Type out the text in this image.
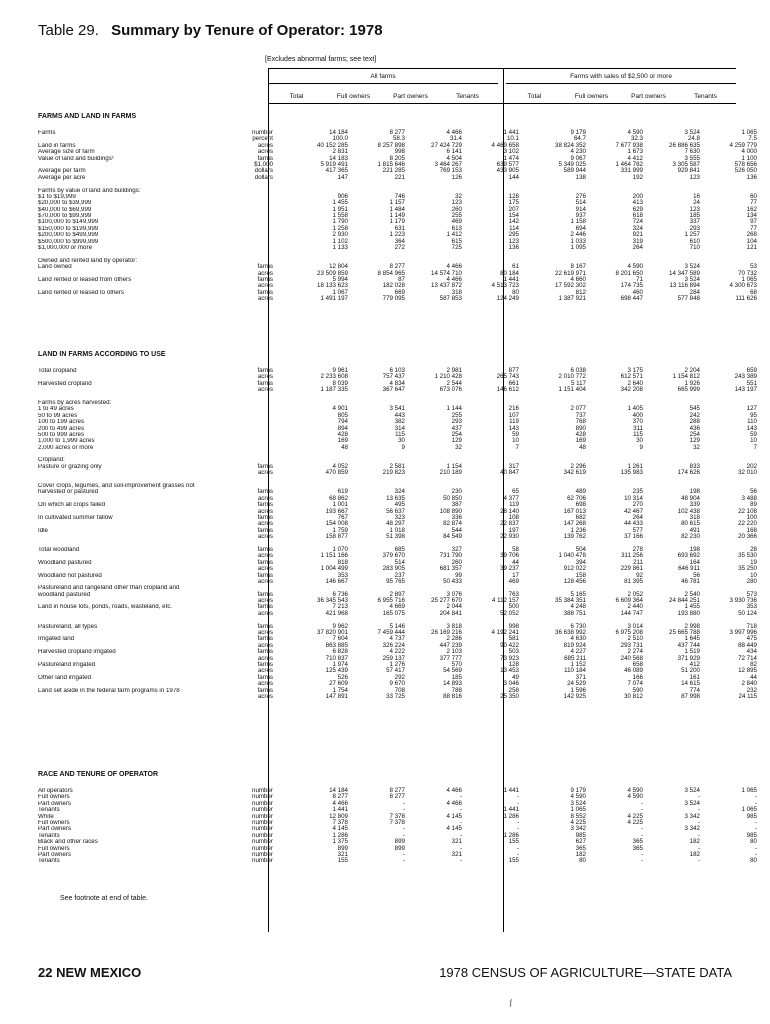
Table 29. Summary by Tenure of Operator: 1978
[Excludes abnormal farms; see text]
All farms	Farms with sales of $2,500 or more
Total	Full owners	Part owners	Tenants	Total	Full owners	Part owners	Tenants
FARMS AND LAND IN FARMS
Farms	number	14 184	8 277	4 466	1 441	9 179	4 590	3 524	1 065
percent	100.0	58.3	31.4	10.1	64.7	32.3	24.8	7.5
Land in farms	acres	40 152 285	8 257 898	27 424 729	4 469 658	38 824 352	7 677 938	26 886 635	4 259 779
Average size of farm	acres	2 831	998	6 141	3 102	4 230	1 673	7 630	4 000
Value of land and buildings¹	farms	14 183	8 205	4 504	1 474	9 067	4 412	3 555	1 100
$1,000	5 919 491	1 815 646	3 464 267	639 577	5 349 025	1 464 782	3 305 587	578 656
Average per farm	dollars	417 365	221 285	769 153	433 905	589 944	331 999	929 841	526 050
Average per acre	dollars	147	221	126	144	138	192	123	136
Farms by value of land and buildings:
$1 to $19,999	906	746	32	128	276	200	16	60
$20,000 to $39,999	1 455	1 157	123	175	514	413	24	77
$40,000 to $69,999	1 951	1 484	260	207	914	629	123	162
$70,000 to $99,999	1 558	1 149	255	154	937	618	185	134
$100,000 to $149,999	1 790	1 179	469	142	1 158	724	337	97
$150,000 to $199,999	1 258	631	613	114	694	324	293	77
$200,000 to $499,999	2 930	1 223	1 412	295	2 446	921	1 257	268
$500,000 to $999,999	1 102	364	615	123	1 033	319	610	104
$1,000,000 or more	1 133	272	725	136	1 095	264	710	121
Owned and rented land by operator:
Land owned	farms	12 804	8 277	4 466	61	8 167	4 590	3 524	53
acres	23 509 859	8 854 965	14 574 710	80 184	22 619 971	8 201 650	14 347 589	70 732
Land rented or leased from others	farms	5 994	87	4 466	1 441	4 660	71	3 524	1 065
acres	18 133 623	182 028	13 437 872	4 513 723	17 592 302	174 735	13 116 894	4 300 673
Land rented or leased to others	farms	1 067	669	318	80	812	460	284	68
acres	1 491 197	779 095	587 853	124 249	1 387 921	698 447	577 848	111 626
LAND IN FARMS ACCORDING TO USE
Total cropland	farms	9 961	6 103	2 981	877	6 038	3 175	2 204	659
acres	2 233 608	757 437	1 210 428	265 743	2 010 772	612 571	1 154 812	243 389
Harvested cropland	farms	8 039	4 834	2 544	661	5 117	2 640	1 926	551
acres	1 187 335	367 647	673 076	146 612	1 151 404	342 208	665 999	143 197
Farms by acres harvested:
1 to 49 acres	4 901	3 541	1 144	216	2 077	1 405	545	127
50 to 99 acres	805	443	255	107	737	400	242	95
100 to 199 acres	794	382	293	119	768	370	288	110
200 to 499 acres	894	314	437	143	890	311	436	143
500 to 999 acres	428	115	254	59	428	115	254	59
1,000 to 1,999 acres	169	30	129	10	169	30	129	10
2,000 acres or more	48	9	32	7	48	9	32	7
Cropland:
Pasture or grazing only	farms	4 052	2 581	1 154	317	2 296	1 261	833	202
acres	470 859	219 823	210 189	40 847	342 619	135 983	174 626	32 010
Cover crops, legumes, and soil-improvement grasses not
harvested or pastured	farms	619	324	230	65	489	235	198	56
acres	68 862	13 635	50 850	4 377	62 706	10 314	48 904	3 488
On which all crops failed	farms	1 001	495	387	119	698	270	339	89
acres	193 667	56 637	108 890	28 140	167 013	42 467	102 438	22 108
In cultivated summer fallow	farms	767	323	336	108	682	264	318	100
acres	154 008	48 297	82 874	22 837	147 268	44 433	80 615	22 220
Idle	farms	1 759	1 018	544	197	1 236	577	491	168
acres	158 877	51 398	84 549	22 930	139 762	37 166	82 230	20 366
Total woodland	farms	1 070	685	327	58	504	278	198	28
acres	1 151 166	379 670	731 790	39 706	1 040 478	311 256	693 692	35 530
Woodland pastured	farms	818	514	260	44	394	211	164	19
acres	1 004 499	283 905	681 357	39 237	912 022	229 861	646 911	35 250
Woodland not pastured	farms	353	237	99	17	158	92	56	10
acres	146 667	95 765	50 433	469	128 456	81 395	46 781	280
Pastureland and rangeland other than cropland and
woodland pastured	farms	6 736	2 897	3 076	763	5 165	2 052	2 540	573
acres	36 345 543	6 955 716	25 277 670	4 112 157	35 384 351	6 609 364	24 844 251	3 930 736
Land in house lots, ponds, roads, wasteland, etc.	farms	7 213	4 669	2 044	500	4 248	2 440	1 455	353
acres	421 968	165 075	204 841	52 052	388 751	144 747	193 880	50 124
Pastureland, all types	farms	9 962	5 146	3 818	998	6 730	3 014	2 998	718
acres	37 820 901	7 459 444	26 169 216	4 192 241	36 638 992	6 975 208	25 665 788	3 997 996
Irrigated land	farms	7 604	4 737	2 286	581	4 630	2 510	1 645	475
acres	863 885	326 224	447 239	90 422	819 924	293 731	437 744	88 449
Harvested cropland irrigated	farms	6 828	4 222	2 103	503	4 227	2 274	1 519	434
acres	710 837	259 137	377 777	73 923	685 211	240 568	371 929	72 714
Pastureland irrigated	farms	1 974	1 276	570	128	1 152	658	412	82
acres	125 439	57 417	54 569	13 453	110 184	46 089	51 200	12 895
Other land irrigated	farms	526	292	185	49	371	166	161	44
acres	27 609	9 670	14 893	3 046	24 529	7 074	14 615	2 840
Land set aside in the federal farm programs in 1978	farms	1 754	708	788	258	1 596	590	774	232
acres	147 891	33 725	88 816	25 350	142 925	30 812	87 998	24 115
RACE AND TENURE OF OPERATOR
All operators	number	14 184	8 277	4 466	1 441	9 179	4 590	3 524	1 065
Full owners	number	8 277	8 277	-	-	4 590	4 590	-	-
Part owners	number	4 466	-	4 466	-	3 524	-	3 524	-
Tenants	number	1 441	-	-	1 441	1 065	-	-	1 065
White	number	12 809	7 378	4 145	1 286	8 552	4 225	3 342	985
Full owners	number	7 378	7 378	-	-	4 225	4 225	-	-
Part owners	number	4 145	-	4 145	-	3 342	-	3 342	-
Tenants	number	1 286	-	-	1 286	985	-	-	985
Black and other races	number	1 375	899	321	155	627	365	182	80
Full owners	number	899	899	-	-	365	365	-	-
Part owners	number	321	-	321	-	182	-	182	-
Tenants	number	155	-	-	155	80	-	-	80
See footnote at end of table.
22 NEW MEXICO	1978 CENSUS OF AGRICULTURE—STATE DATA
ʃ
